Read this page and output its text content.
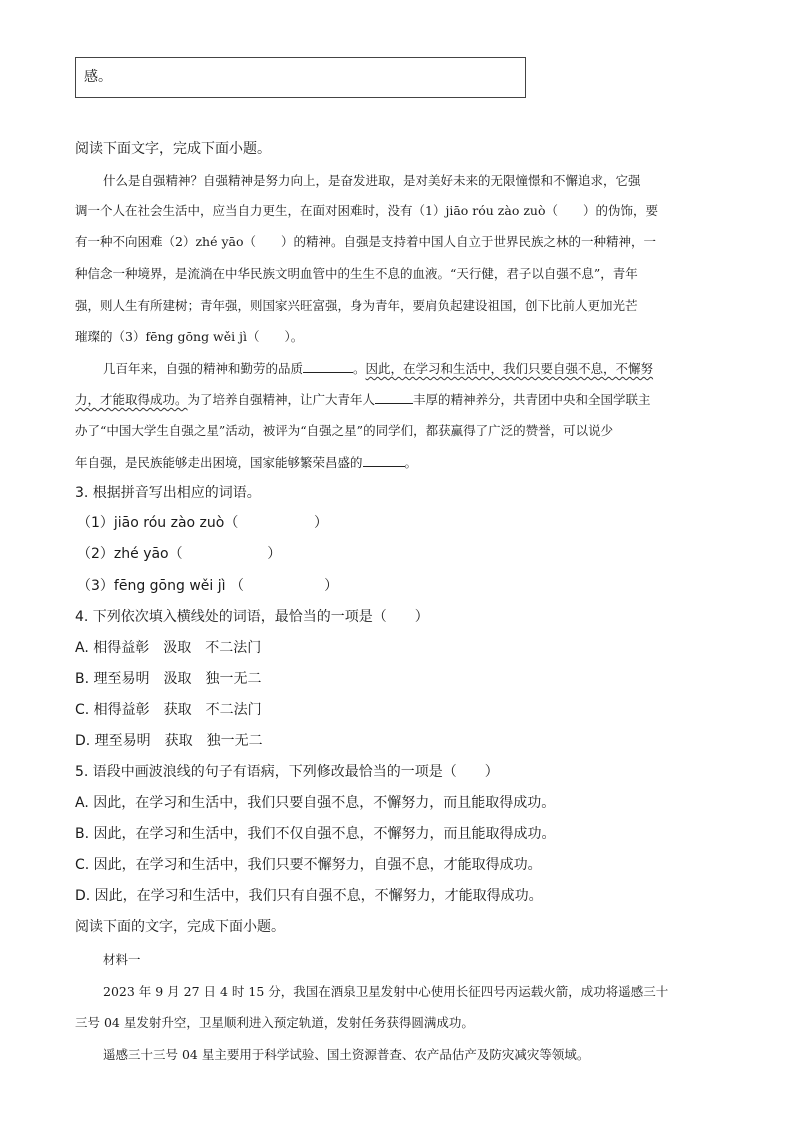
感。
阅读下面文字，完成下面小题。
什么是自强精神？自强精神是努力向上，是奋发进取，是对美好未来的无限憧憬和不懈追求，它强
调一个人在社会生活中，应当自力更生，在面对困难时，没有（1）jiāo róu zào zuò（　　 ）的伪饰，要
有一种不向困难（2）zhé yāo（　　 ）的精神。自强是支持着中国人自立于世界民族之林的一种精神，一
种信念一种境界，是流淌在中华民族文明血管中的生生不息的血液。“天行健，君子以自强不息”，青年
强，则人生有所建树；青年强，则国家兴旺富强，身为青年，要肩负起建设祖国，创下比前人更加光芒
璀璨的（3）fēng gōng wěi jì（　　 ）。
几百年来，自强的精神和勤劳的品质	。因此，在学习和生活中，我们只要自强不息，不懈努
力，才能取得成功。为了培养自强精神，让广大青年人	丰厚的精神养分，共青团中央和全国学联主
办了“中国大学生自强之星”活动，被评为“自强之星”的同学们，都获赢得了广泛的赞誉，可以说少
年自强，是民族能够走出困境，国家能够繁荣昌盛的	。
3. 根据拼音写出相应的词语。
（1）jiāo róu zào zuò（	）
（2）zhé yāo（	）
（3）fēng gōng wěi jì （	）
4. 下列依次填入横线处的词语，最恰当的一项是（　　）
A. 相得益彰　汲取　不二法门
B. 理至易明　汲取　独一无二
C. 相得益彰　获取　不二法门
D. 理至易明　获取　独一无二
5. 语段中画波浪线的句子有语病，下列修改最恰当的一项是（　　）
A. 因此，在学习和生活中，我们只要自强不息，不懈努力，而且能取得成功。
B. 因此，在学习和生活中，我们不仅自强不息，不懈努力，而且能取得成功。
C. 因此，在学习和生活中，我们只要不懈努力，自强不息，才能取得成功。
D. 因此，在学习和生活中，我们只有自强不息，不懈努力，才能取得成功。
阅读下面的文字，完成下面小题。
材料一
2023 年 9 月 27 日 4 时 15 分，我国在酒泉卫星发射中心使用长征四号丙运载火箭，成功将遥感三十
三号 04 星发射升空，卫星顺利进入预定轨道，发射任务获得圆满成功。
遥感三十三号 04 星主要用于科学试验、国土资源普查、农产品估产及防灾减灾等领域。
